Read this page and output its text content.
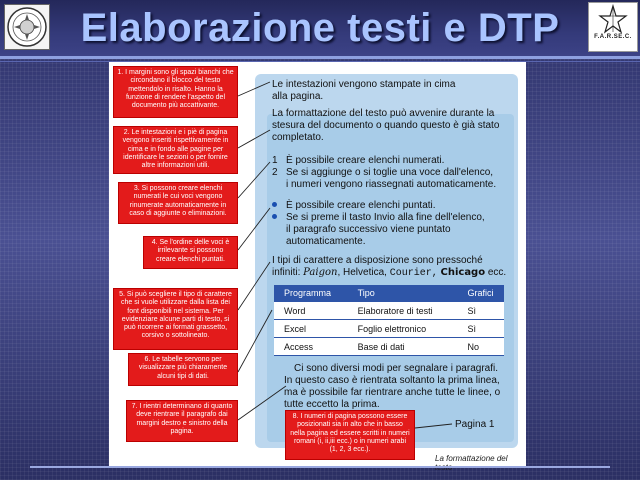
Elaborazione testi e DTP	F.A.R.SE.C.
La formattazione del
Le intestazioni vengono stampate in cima
alla pagina.
La formattazione del testo può avvenire durante la
stesura del documento o quando questo è già stato
completato.
1 È possibile creare elenchi numerati.
2 Se si aggiunge o si toglie una voce dall'elenco,
i numeri vengono riassegnati automaticamente.
È possibile creare elenchi puntati.
Se si preme il tasto Invio alla fine dell'elenco,
il paragrafo successivo viene puntato
automaticamente.
I tipi di carattere a disposizione sono pressoché
infiniti: Paigon, Helvetica, Courier, Chicago ecc.
Programma	Tipo	Grafici
Word	Elaboratore di testi	Sì
Excel	Foglio elettronico	Sì
Access	Base di dati	No
Ci sono diversi modi per segnalare i paragrafi.
In questo caso è rientrata soltanto la prima linea,
ma è possibile far rientrare anche tutte le linee, o
tutte eccetto la prima.
Pagina 1
1. I margini sono gli spazi bianchi che circondano il blocco del testo mettendolo in risalto. Hanno la funzione di rendere l'aspetto del documento più accattivante.
2. Le intestazioni e i piè di pagina vengono inseriti rispettivamente in cima e in fondo alle pagine per identificare le sezioni o per fornire altre informazioni utili.
3. Si possono creare elenchi numerati le cui voci vengono rinumerate automaticamente in caso di aggiunte o eliminazioni.
4. Se l'ordine delle voci è irrilevante si possono creare elenchi puntati.
5. Si può scegliere il tipo di carattere che si vuole utilizzare dalla lista dei font disponibili nel sistema. Per evidenziare alcune parti di testo, si può ricorrere ai formati grassetto, corsivo o sottolineato.
6. Le tabelle servono per visualizzare più chiaramente alcuni tipi di dati.
7. I rientri determinano di quanto deve rientrare il paragrafo dai margini destro e sinistro della pagina.
8. I numeri di pagina possono essere posizionati sia in alto che in basso nella pagina ed essere scritti in numeri romani (i, ii,iii ecc.) o in numeri arabi (1, 2, 3 ecc.).
